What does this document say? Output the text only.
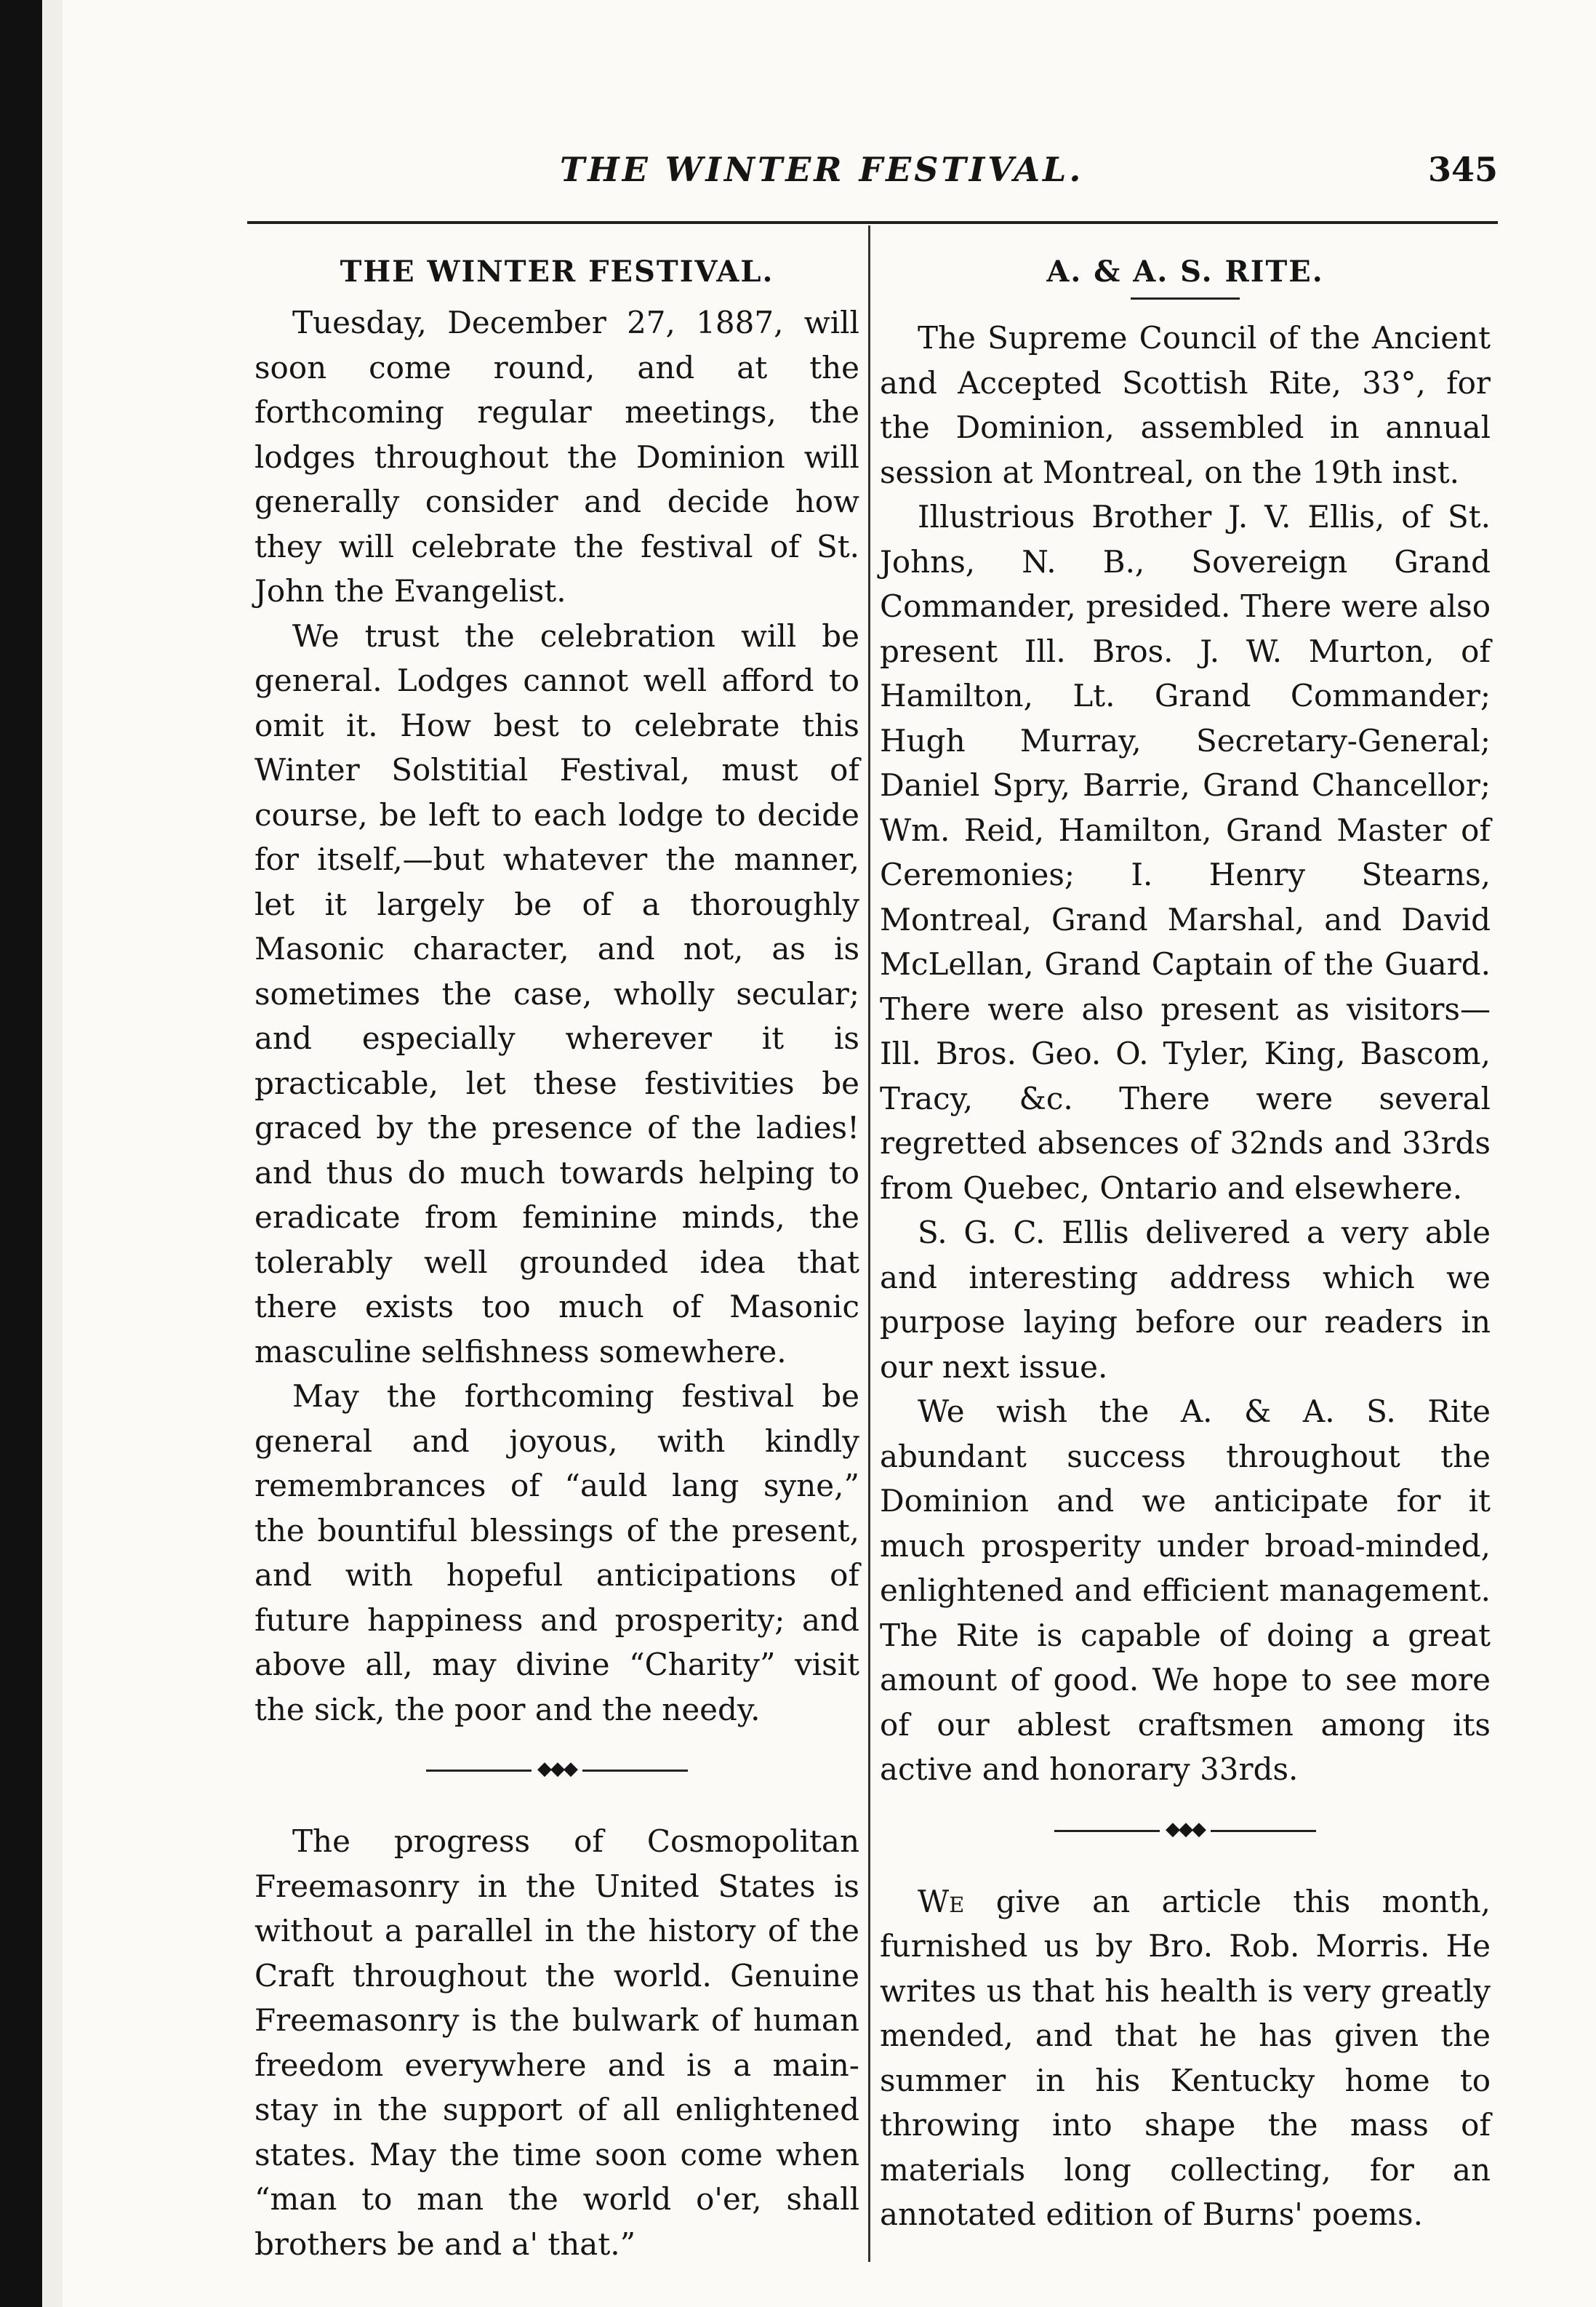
THE WINTER FESTIVAL.	345
THE WINTER FESTIVAL.

Tuesday, December 27, 1887, will soon come round, and at the forthcoming regular meetings, the lodges throughout the Dominion will generally consider and decide how they will celebrate the festival of St. John the Evangelist.

We trust the celebration will be general. Lodges cannot well afford to omit it. How best to celebrate this Winter Solstitial Festival, must of course, be left to each lodge to decide for itself,—but whatever the manner, let it largely be of a thoroughly Masonic character, and not, as is sometimes the case, wholly secular; and especially wherever it is practicable, let these festivities be graced by the presence of the ladies! and thus do much towards helping to eradicate from feminine minds, the tolerably well grounded idea that there exists too much of Masonic masculine selfishness somewhere.

May the forthcoming festival be general and joyous, with kindly remembrances of “auld lang syne,” the bountiful blessings of the present, and with hopeful anticipations of future happiness and prosperity; and above all, may divine “Charity” visit the sick, the poor and the needy.

◆◆◆

The progress of Cosmopolitan Freemasonry in the United States is without a parallel in the history of the Craft throughout the world. Genuine Freemasonry is the bulwark of human freedom everywhere and is a main-stay in the support of all enlightened states. May the time soon come when “man to man the world o'er, shall brothers be and a' that.”

A. & A. S. RITE.

The Supreme Council of the Ancient and Accepted Scottish Rite, 33°, for the Dominion, assembled in annual session at Montreal, on the 19th inst.

Illustrious Brother J. V. Ellis, of St. Johns, N. B., Sovereign Grand Commander, presided. There were also present Ill. Bros. J. W. Murton, of Hamilton, Lt. Grand Commander; Hugh Murray, Secretary-General; Daniel Spry, Barrie, Grand Chancellor; Wm. Reid, Hamilton, Grand Master of Ceremonies; I. Henry Stearns, Montreal, Grand Marshal, and David McLellan, Grand Captain of the Guard. There were also present as visitors—Ill. Bros. Geo. O. Tyler, King, Bascom, Tracy, &c. There were several regretted absences of 32nds and 33rds from Quebec, Ontario and elsewhere.

S. G. C. Ellis delivered a very able and interesting address which we purpose laying before our readers in our next issue.

We wish the A. & A. S. Rite abundant success throughout the Dominion and we anticipate for it much prosperity under broad-minded, enlightened and efficient management. The Rite is capable of doing a great amount of good. We hope to see more of our ablest craftsmen among its active and honorary 33rds.

◆◆◆

We give an article this month, furnished us by Bro. Rob. Morris. He writes us that his health is very greatly mended, and that he has given the summer in his Kentucky home to throwing into shape the mass of materials long collecting, for an annotated edition of Burns' poems.
